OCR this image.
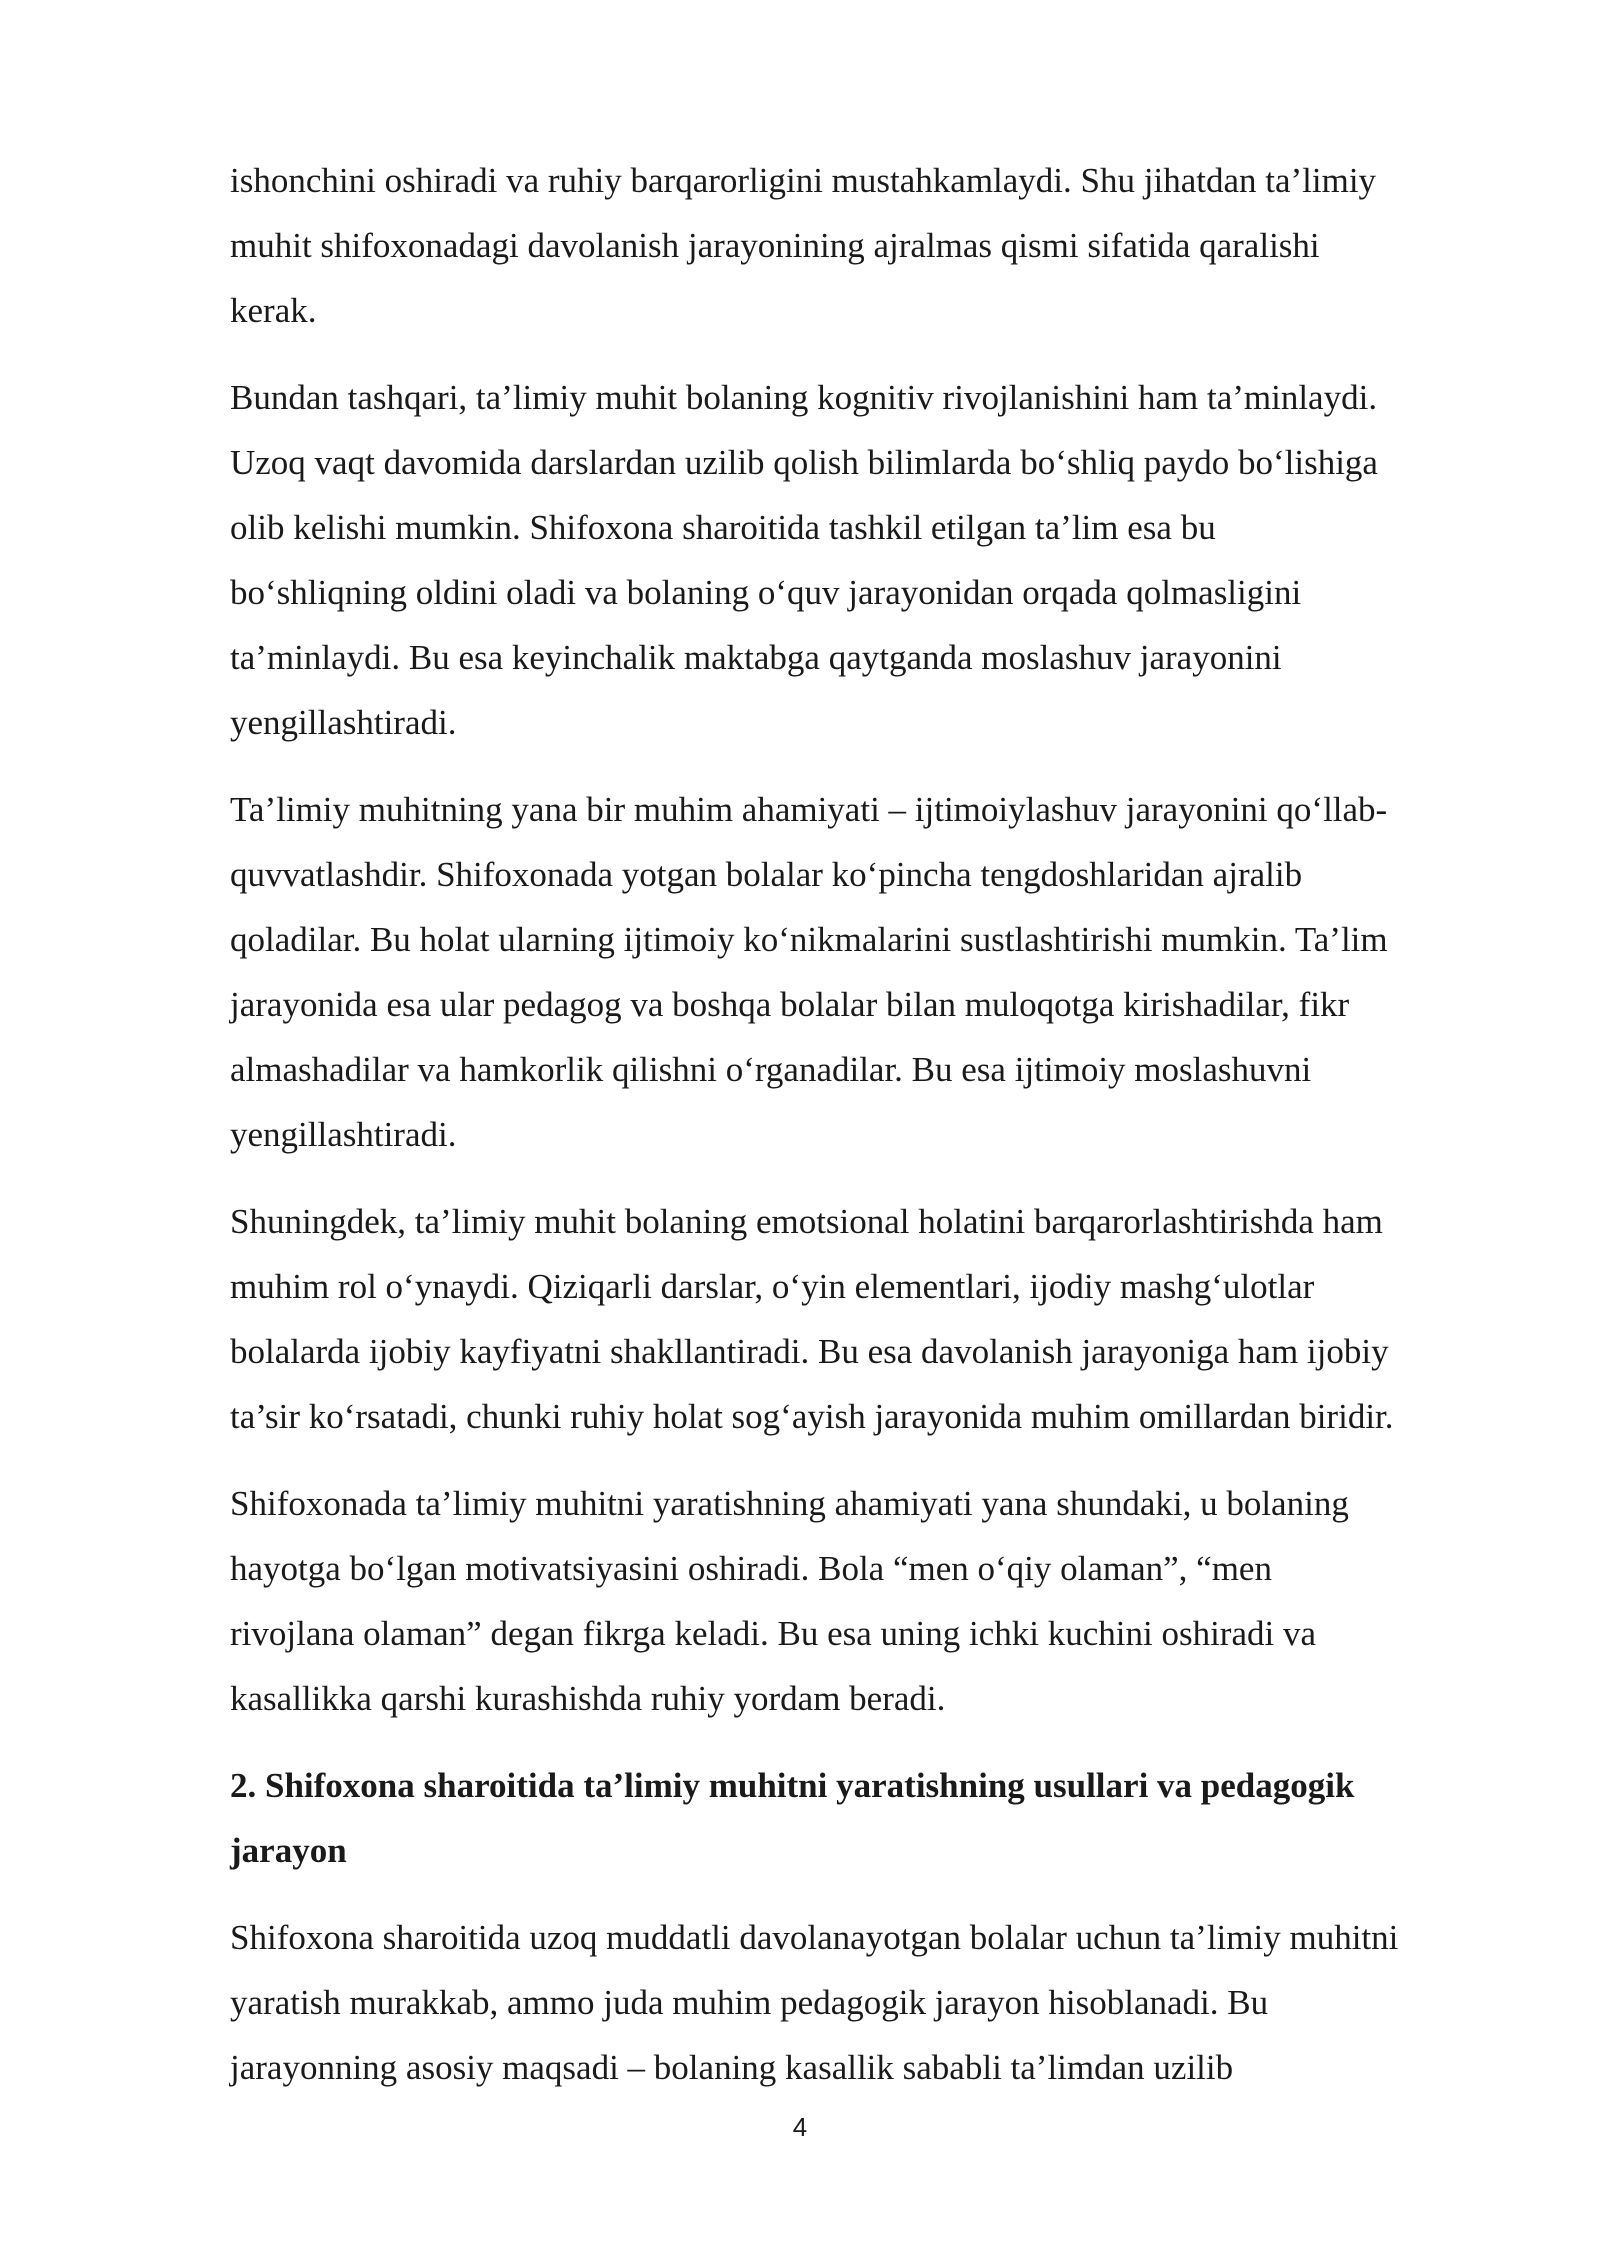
ishonchini oshiradi va ruhiy barqarorligini mustahkamlaydi. Shu jihatdan ta’limiy
muhit shifoxonadagi davolanish jarayonining ajralmas qismi sifatida qaralishi
kerak.

Bundan tashqari, ta’limiy muhit bolaning kognitiv rivojlanishini ham ta’minlaydi.
Uzoq vaqt davomida darslardan uzilib qolish bilimlarda bo‘shliq paydo bo‘lishiga
olib kelishi mumkin. Shifoxona sharoitida tashkil etilgan ta’lim esa bu
bo‘shliqning oldini oladi va bolaning o‘quv jarayonidan orqada qolmasligini
ta’minlaydi. Bu esa keyinchalik maktabga qaytganda moslashuv jarayonini
yengillashtiradi.

Ta’limiy muhitning yana bir muhim ahamiyati – ijtimoiylashuv jarayonini qo‘llab-
quvvatlashdir. Shifoxonada yotgan bolalar ko‘pincha tengdoshlaridan ajralib
qoladilar. Bu holat ularning ijtimoiy ko‘nikmalarini sustlashtirishi mumkin. Ta’lim
jarayonida esa ular pedagog va boshqa bolalar bilan muloqotga kirishadilar, fikr
almashadilar va hamkorlik qilishni o‘rganadilar. Bu esa ijtimoiy moslashuvni
yengillashtiradi.

Shuningdek, ta’limiy muhit bolaning emotsional holatini barqarorlashtirishda ham
muhim rol o‘ynaydi. Qiziqarli darslar, o‘yin elementlari, ijodiy mashg‘ulotlar
bolalarda ijobiy kayfiyatni shakllantiradi. Bu esa davolanish jarayoniga ham ijobiy
ta’sir ko‘rsatadi, chunki ruhiy holat sog‘ayish jarayonida muhim omillardan biridir.

Shifoxonada ta’limiy muhitni yaratishning ahamiyati yana shundaki, u bolaning
hayotga bo‘lgan motivatsiyasini oshiradi. Bola “men o‘qiy olaman”, “men
rivojlana olaman” degan fikrga keladi. Bu esa uning ichki kuchini oshiradi va
kasallikka qarshi kurashishda ruhiy yordam beradi.

2. Shifoxona sharoitida ta’limiy muhitni yaratishning usullari va pedagogik
jarayon

Shifoxona sharoitida uzoq muddatli davolanayotgan bolalar uchun ta’limiy muhitni
yaratish murakkab, ammo juda muhim pedagogik jarayon hisoblanadi. Bu
jarayonning asosiy maqsadi – bolaning kasallik sababli ta’limdan uzilib

4
